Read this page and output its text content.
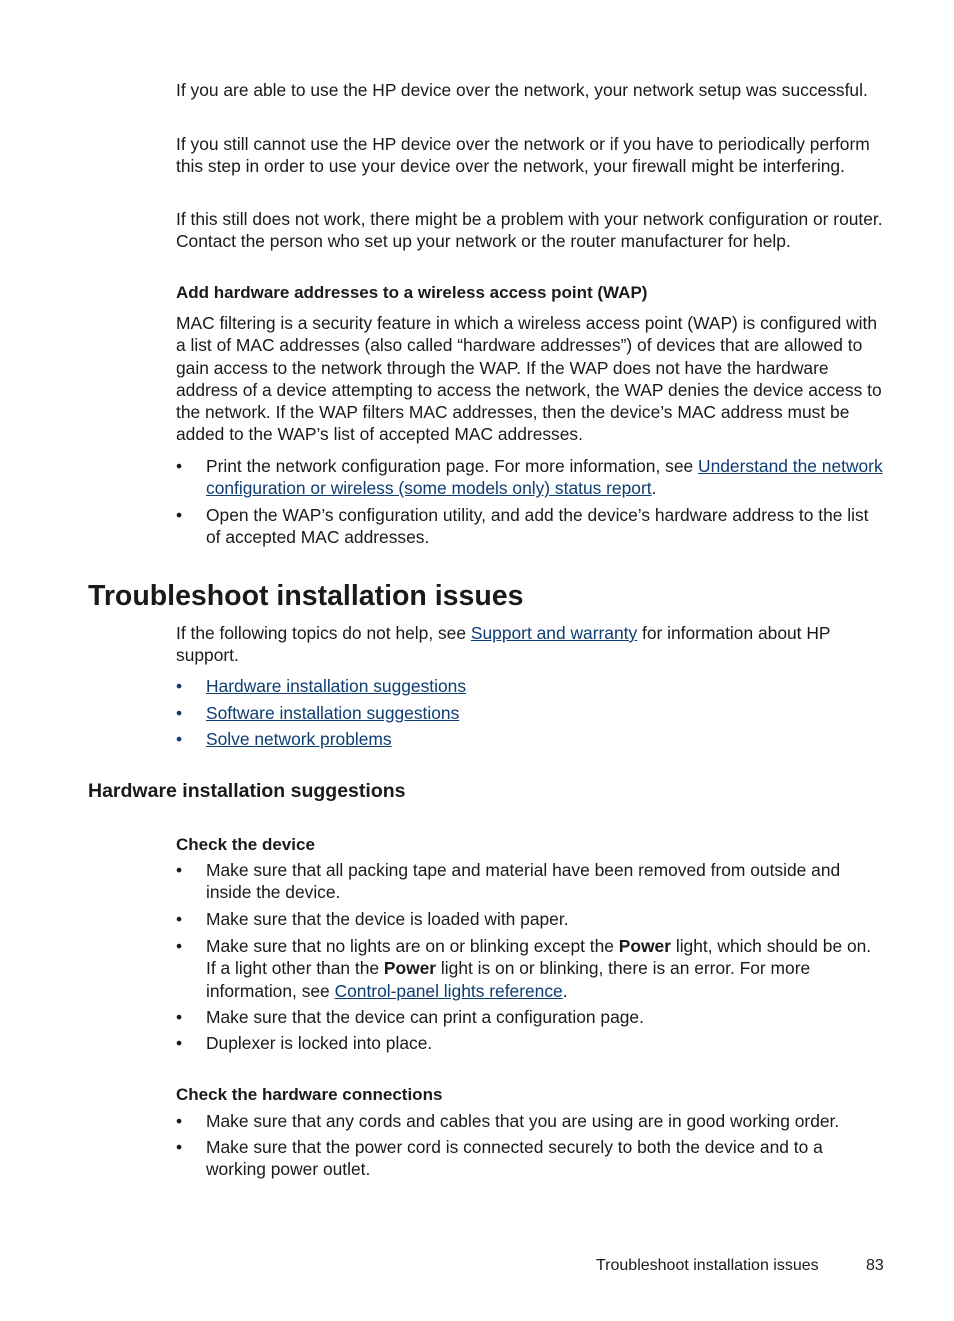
If you are able to use the HP device over the network, your network setup was successful.

If you still cannot use the HP device over the network or if you have to periodically perform this step in order to use your device over the network, your firewall might be interfering.

If this still does not work, there might be a problem with your network configuration or router. Contact the person who set up your network or the router manufacturer for help.

Add hardware addresses to a wireless access point (WAP)

MAC filtering is a security feature in which a wireless access point (WAP) is configured with a list of MAC addresses (also called “hardware addresses”) of devices that are allowed to gain access to the network through the WAP. If the WAP does not have the hardware address of a device attempting to access the network, the WAP denies the device access to the network. If the WAP filters MAC addresses, then the device’s MAC address must be added to the WAP’s list of accepted MAC addresses.

• Print the network configuration page. For more information, see Understand the network configuration or wireless (some models only) status report.
• Open the WAP’s configuration utility, and add the device’s hardware address to the list of accepted MAC addresses.
Troubleshoot installation issues

If the following topics do not help, see Support and warranty for information about HP support.

• Hardware installation suggestions
• Software installation suggestions
• Solve network problems
Hardware installation suggestions
Check the device
• Make sure that all packing tape and material have been removed from outside and inside the device.
• Make sure that the device is loaded with paper.
• Make sure that no lights are on or blinking except the Power light, which should be on. If a light other than the Power light is on or blinking, there is an error. For more information, see Control-panel lights reference.
• Make sure that the device can print a configuration page.
• Duplexer is locked into place.
Check the hardware connections
• Make sure that any cords and cables that you are using are in good working order.
• Make sure that the power cord is connected securely to both the device and to a working power outlet.
Troubleshoot installation issues	83
